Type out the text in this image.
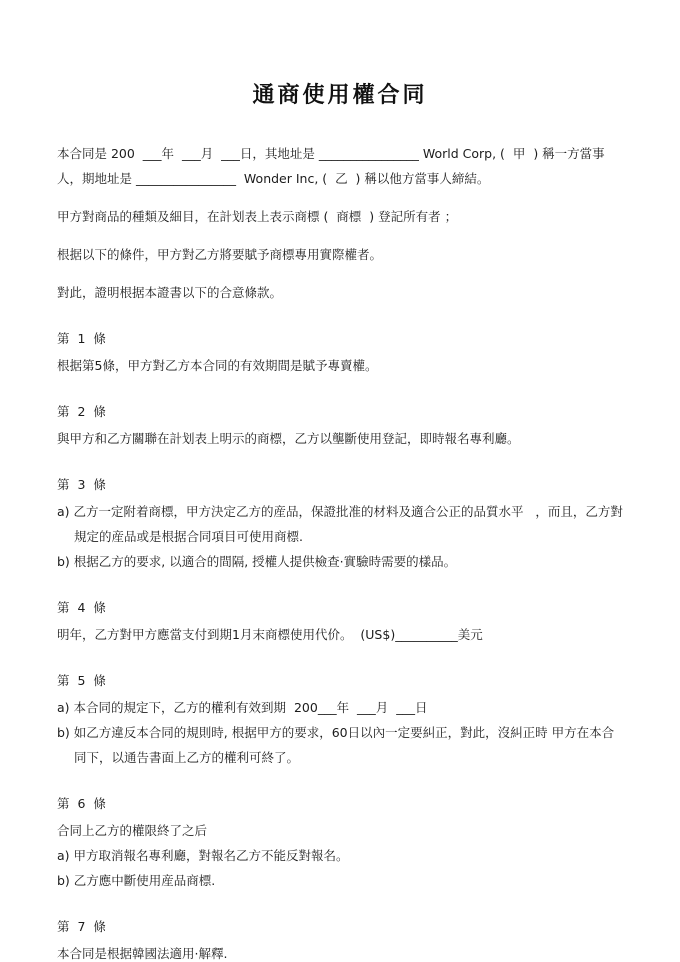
通商使用權合同

本合同是 200  ___年  ___月  ___日，其地址是 ________________ World Corp, (  甲  ) 稱一方當事人，期地址是 ________________  Wonder Inc, (  乙  ) 稱以他方當事人締結。

甲方對商品的種類及細目，在計划表上表示商標 (  商標  ) 登記所有者 ；

根据以下的條件，甲方對乙方將要賦予商標專用實際權者。

對此，證明根据本證書以下的合意條款。

第 1 條

根据第5條，甲方對乙方本合同的有效期間是賦予專賣權。

第 2 條

與甲方和乙方關聯在計划表上明示的商標，乙方以壟斷使用登記，即時報名專利廳。

第 3 條

a) 乙方一定附着商標，甲方決定乙方的産品，保證批准的材料及適合公正的品質水平   ，而且，乙方對規定的産品或是根据合同項目可使用商標.

b) 根据乙方的要求, 以適合的間隔, 授權人提供檢查·實驗時需要的樣品。

第 4 條

明年，乙方對甲方應當支付到期1月末商標使用代价。  (US$)__________美元

第 5 條

a) 本合同的規定下，乙方的權利有效到期  200___年  ___月  ___日

b) 如乙方違反本合同的規則時, 根据甲方的要求，60日以內一定要糾正，對此，沒糾正時 甲方在本合同下，以通告書面上乙方的權利可終了。

第 6 條

合同上乙方的權限終了之后

a) 甲方取消報名專利廳，對報名乙方不能反對報名。

b) 乙方應中斷使用産品商標.

第 7 條

本合同是根据韓國法適用·解釋.
